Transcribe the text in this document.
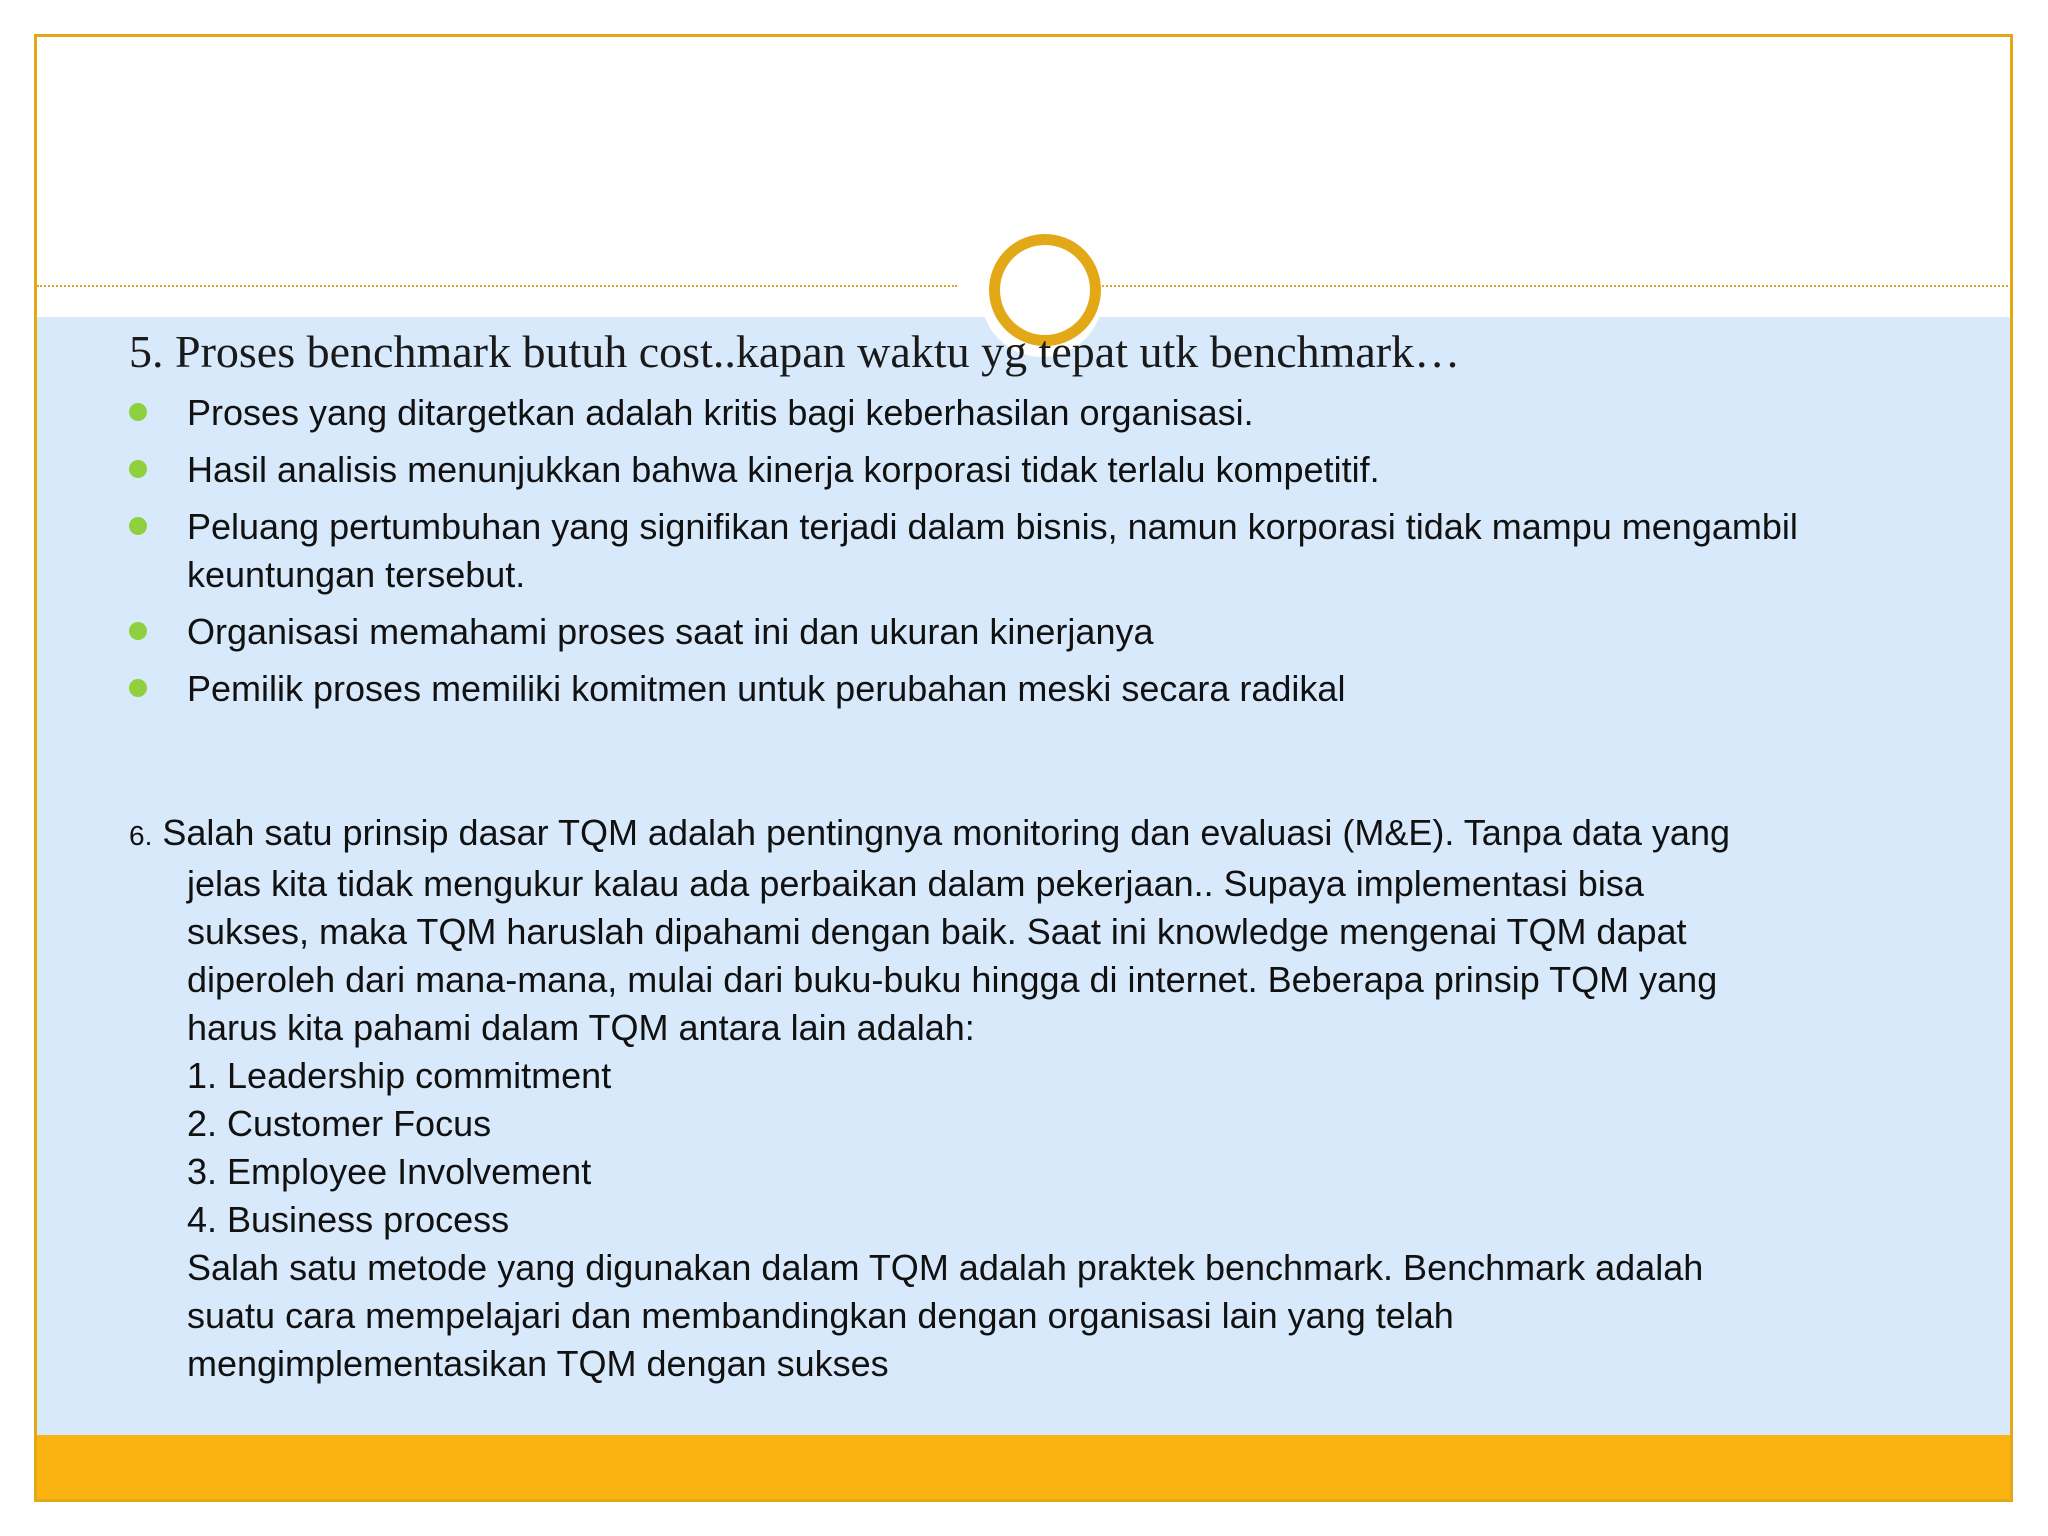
5. Proses benchmark butuh cost..kapan waktu yg tepat utk benchmark…
Proses yang ditargetkan adalah kritis bagi keberhasilan organisasi.
Hasil analisis menunjukkan bahwa kinerja korporasi tidak terlalu kompetitif.
Peluang pertumbuhan yang signifikan terjadi dalam bisnis, namun korporasi tidak mampu mengambil keuntungan tersebut.
Organisasi memahami proses saat ini dan ukuran kinerjanya
Pemilik proses memiliki komitmen untuk perubahan meski secara radikal
6. Salah satu prinsip dasar TQM adalah pentingnya monitoring dan evaluasi (M&E). Tanpa data yang
jelas kita tidak mengukur kalau ada perbaikan dalam pekerjaan.. Supaya implementasi bisa
sukses, maka TQM haruslah dipahami dengan baik. Saat ini knowledge mengenai TQM dapat
diperoleh dari mana-mana, mulai dari buku-buku hingga di internet. Beberapa prinsip TQM yang
harus kita pahami dalam TQM antara lain adalah:
1. Leadership commitment
2. Customer Focus
3. Employee Involvement
4. Business process
Salah satu metode yang digunakan dalam TQM adalah praktek benchmark. Benchmark adalah
suatu cara mempelajari dan membandingkan dengan organisasi lain yang telah
mengimplementasikan TQM dengan sukses
